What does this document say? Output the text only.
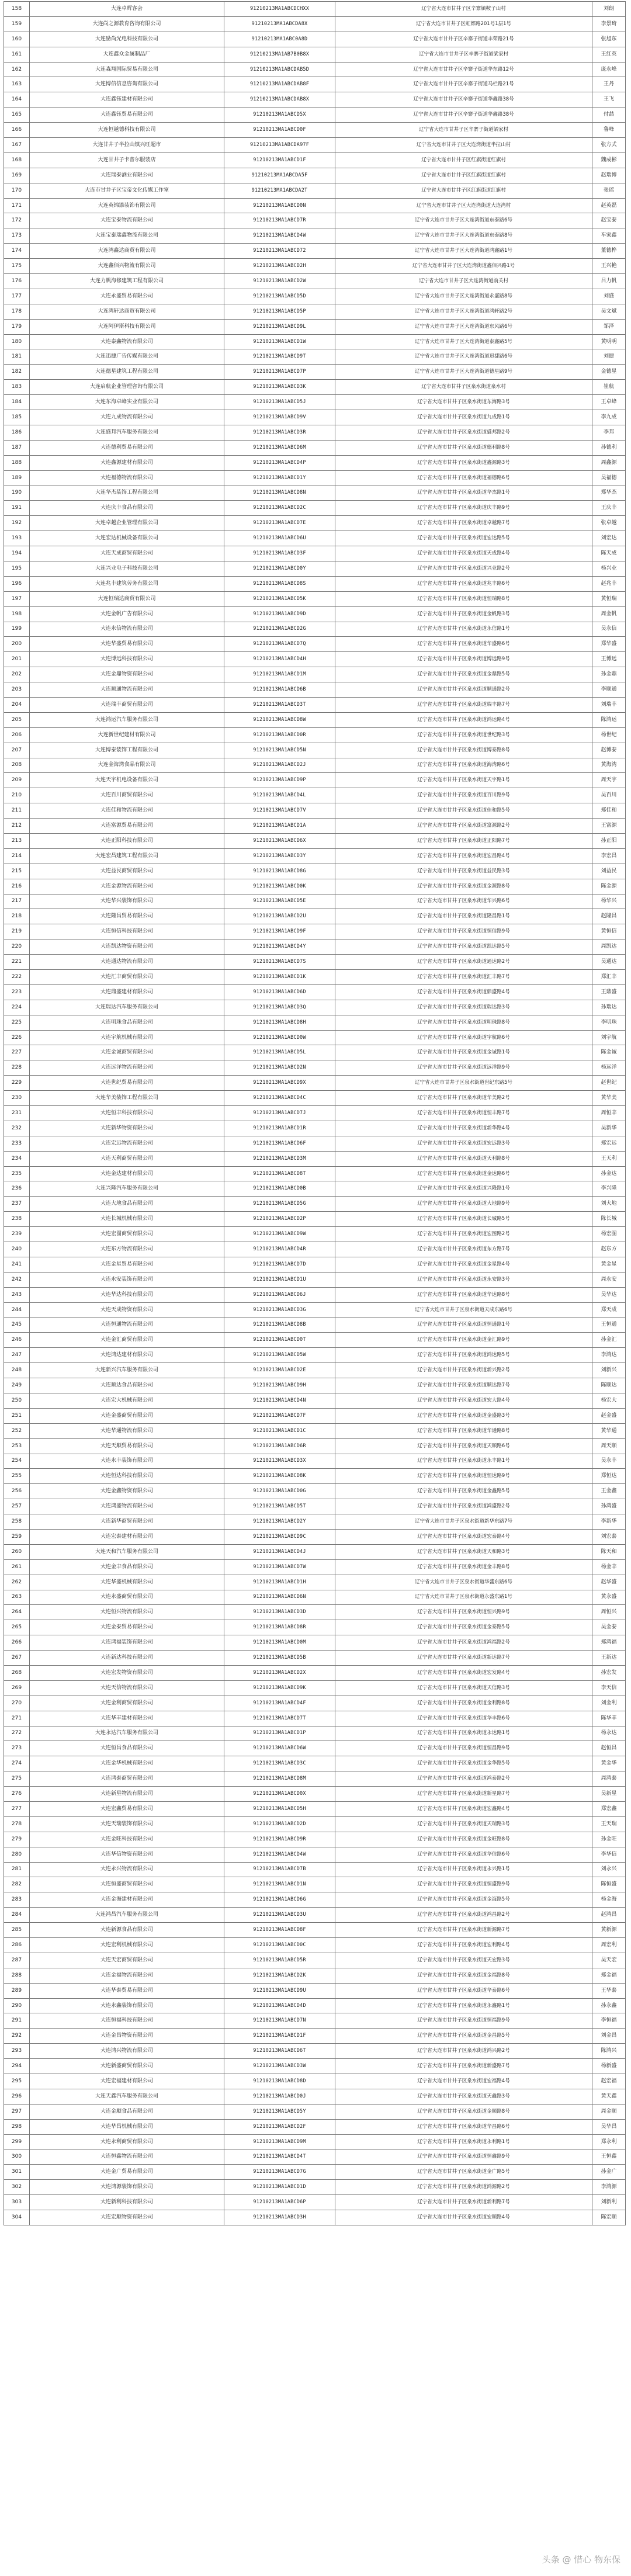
158	大连卓辉客会	91210213MA1ABCDCHXX	辽宁省大连市甘井子区辛寨镇鞍子山村	刘朗
159	大连尚之源教育咨询有限公司	91210213MA1ABCDA8X	辽宁省大连市甘井子区虹都路201号1层1号	李景琦
160	大连励尚光电科技有限公司	91210213MA1ABC0A8D	辽宁省大连市甘井子区辛寨子街道丰荣路21号	张旭东
161	大连鑫众金属制品厂	91210213MA1AB7B0B8X	辽宁省大连市甘井子区辛寨子街道梁家村	王红英
162	大连森翔国际贸易有限公司	91210213MA1ABCDAB5D	辽宁省大连市甘井子区辛寨子街道华东路12号	庞永峰
163	大连博信信息咨询有限公司	91210213MA1ABCDAB8F	辽宁省大连市甘井子区辛寨子街道马栏路21号	王丹
164	大连鑫钰建材有限公司	91210213MA1ABCDAB8X	辽宁省大连市甘井子区辛寨子街道华鑫路38号	王飞
165	大连鑫钰贸易有限公司	91210213MA1ABCD5X	辽宁省大连市甘井子区辛寨子街道华鑫路38号	付喆
166	大连恒越德科技有限公司	91210213MA1ABCD0F	辽宁省大连市甘井子区辛寨子街道梁家村	鲁峰
167	大连甘井子半拉山镇兴旺超市	91210213MA1ABCDA97F	辽宁省大连市甘井子区大连湾街道半拉山村	张方式
168	大连甘井子卡普尔服装店	91210213MA1ABCD1F	辽宁省大连市甘井子区红旗街道红旗村	魏成彬
169	大连瑞泰酒业有限公司	91210213MA1ABCDA5F	辽宁省大连市甘井子区红旗街道红旗村	赵瑞博
170	大连市甘井子区宝帝文化传媒工作室	91210213MA1ABCDA2T	辽宁省大连市甘井子区红旗街道红旗村	张瑶
171	大连英锦漆装饰有限公司	91210213MA1ABCD0N	辽宁省大连市甘井子区大连湾街道大连湾村	赵英磊
172	大连宝泰物流有限公司	91210213MA1ABCD7R	辽宁省大连市甘井子区大连湾街道东泰路6号	赵宝泰
173	大连宝泰瑞鑫物流有限公司	91210213MA1ABCD4W	辽宁省大连市甘井子区大连湾街道东泰路8号	车家鑫
174	大连鸿鑫达商贸有限公司	91210213MA1ABCD72	辽宁省大连市甘井子区大连湾街道鸿鑫路1号	董德桦
175	大连鑫佰兴物流有限公司	91210213MA1ABCD2H	辽宁省大连市甘井子区大连湾街道鑫佰兴路1号	王兴艳
176	大连力帆海修建筑工程有限公司	91210213MA1ABCD2W	辽宁省大连市甘井子区大连湾街道前关村	吕力帆
177	大连永盛贸易有限公司	91210213MA1ABCD5D	辽宁省大连市甘井子区大连湾街道永盛路8号	刘盛
178	大连鸿轩达商贸有限公司	91210213MA1ABCD5P	辽宁省大连市甘井子区大连湾街道鸿轩路2号	吴文斌
179	大连阿伊斯科技有限公司	91210213MA1ABCD9L	辽宁省大连市甘井子区大连湾街道东风路6号	邹泽
180	大连泰鑫物流有限公司	91210213MA1ABCD1W	辽宁省大连市甘井子区大连湾街道泰鑫路5号	黄明明
181	大连迅捷广告传媒有限公司	91210213MA1ABCD9T	辽宁省大连市甘井子区大连湾街道迅捷路6号	刘捷
182	大连德星建筑工程有限公司	91210213MA1ABCD7P	辽宁省大连市甘井子区大连湾街道德星路9号	金德星
183	大连启航企业管理咨询有限公司	91210213MA1ABCD3K	辽宁省大连市甘井子区泉水街道泉水村	崔航
184	大连东海卓峰实业有限公司	91210213MA1ABCD5J	辽宁省大连市甘井子区泉水街道东海路3号	王卓峰
185	大连九成物流有限公司	91210213MA1ABCD9V	辽宁省大连市甘井子区泉水街道九成路1号	李九成
186	大连盛邦汽车服务有限公司	91210213MA1ABCD3R	辽宁省大连市甘井子区泉水街道盛邦路2号	李邦
187	大连德利贸易有限公司	91210213MA1ABCD6M	辽宁省大连市甘井子区泉水街道德利路8号	孙德利
188	大连鑫源建材有限公司	91210213MA1ABCD4P	辽宁省大连市甘井子区泉水街道鑫源路3号	周鑫源
189	大连福德物流有限公司	91210213MA1ABCD1Y	辽宁省大连市甘井子区泉水街道福德路6号	吴福德
190	大连华杰装饰工程有限公司	91210213MA1ABCD8N	辽宁省大连市甘井子区泉水街道华杰路1号	郑华杰
191	大连庆丰食品有限公司	91210213MA1ABCD2C	辽宁省大连市甘井子区泉水街道庆丰路9号	王庆丰
192	大连卓越企业管理有限公司	91210213MA1ABCD7E	辽宁省大连市甘井子区泉水街道卓越路7号	张卓越
193	大连宏达机械设备有限公司	91210213MA1ABCD6U	辽宁省大连市甘井子区泉水街道宏达路5号	刘宏达
194	大连天成商贸有限公司	91210213MA1ABCD3F	辽宁省大连市甘井子区泉水街道天成路4号	陈天成
195	大连兴业电子科技有限公司	91210213MA1ABCD0Y	辽宁省大连市甘井子区泉水街道兴业路2号	杨兴业
196	大连兆丰建筑劳务有限公司	91210213MA1ABCD8S	辽宁省大连市甘井子区泉水街道兆丰路6号	赵兆丰
197	大连恒瑞达商贸有限公司	91210213MA1ABCD5K	辽宁省大连市甘井子区泉水街道恒瑞路8号	黄恒瑞
198	大连金帆广告有限公司	91210213MA1ABCD9D	辽宁省大连市甘井子区泉水街道金帆路3号	周金帆
199	大连永信物流有限公司	91210213MA1ABCD2G	辽宁省大连市甘井子区泉水街道永信路1号	吴永信
200	大连华盛贸易有限公司	91210213MA1ABCD7Q	辽宁省大连市甘井子区泉水街道华盛路6号	郑华盛
201	大连博远科技有限公司	91210213MA1ABCD4H	辽宁省大连市甘井子区泉水街道博远路9号	王博远
202	大连金鼎物资有限公司	91210213MA1ABCD1M	辽宁省大连市甘井子区泉水街道金鼎路5号	孙金鼎
203	大连顺通物流有限公司	91210213MA1ABCD6B	辽宁省大连市甘井子区泉水街道顺通路2号	李顺通
204	大连瑞丰商贸有限公司	91210213MA1ABCD3T	辽宁省大连市甘井子区泉水街道瑞丰路7号	刘瑞丰
205	大连鸿运汽车服务有限公司	91210213MA1ABCD8W	辽宁省大连市甘井子区泉水街道鸿运路4号	陈鸿运
206	大连新世纪建材有限公司	91210213MA1ABCD0R	辽宁省大连市甘井子区泉水街道世纪路3号	杨世纪
207	大连博泰装饰工程有限公司	91210213MA1ABCD5N	辽宁省大连市甘井子区泉水街道博泰路8号	赵博泰
208	大连金海湾食品有限公司	91210213MA1ABCD2J	辽宁省大连市甘井子区泉水街道海湾路6号	黄海湾
209	大连天宇机电设备有限公司	91210213MA1ABCD9P	辽宁省大连市甘井子区泉水街道天宇路1号	周天宇
210	大连百川商贸有限公司	91210213MA1ABCD4L	辽宁省大连市甘井子区泉水街道百川路9号	吴百川
211	大连佳和物流有限公司	91210213MA1ABCD7V	辽宁省大连市甘井子区泉水街道佳和路5号	郑佳和
212	大连富源贸易有限公司	91210213MA1ABCD1A	辽宁省大连市甘井子区泉水街道富源路2号	王富源
213	大连正阳科技有限公司	91210213MA1ABCD6X	辽宁省大连市甘井子区泉水街道正阳路7号	孙正阳
214	大连宏昌建筑工程有限公司	91210213MA1ABCD3Y	辽宁省大连市甘井子区泉水街道宏昌路4号	李宏昌
215	大连益民商贸有限公司	91210213MA1ABCD8G	辽宁省大连市甘井子区泉水街道益民路3号	刘益民
216	大连金源物流有限公司	91210213MA1ABCD0K	辽宁省大连市甘井子区泉水街道金源路8号	陈金源
217	大连华兴装饰有限公司	91210213MA1ABCD5E	辽宁省大连市甘井子区泉水街道华兴路6号	杨华兴
218	大连隆昌贸易有限公司	91210213MA1ABCD2U	辽宁省大连市甘井子区泉水街道隆昌路1号	赵隆昌
219	大连恒信科技有限公司	91210213MA1ABCD9F	辽宁省大连市甘井子区泉水街道恒信路9号	黄恒信
220	大连凯达物资有限公司	91210213MA1ABCD4Y	辽宁省大连市甘井子区泉水街道凯达路5号	周凯达
221	大连通达物流有限公司	91210213MA1ABCD7S	辽宁省大连市甘井子区泉水街道通达路2号	吴通达
222	大连汇丰商贸有限公司	91210213MA1ABCD1K	辽宁省大连市甘井子区泉水街道汇丰路7号	郑汇丰
223	大连鼎盛建材有限公司	91210213MA1ABCD6D	辽宁省大连市甘井子区泉水街道鼎盛路4号	王鼎盛
224	大连瑞达汽车服务有限公司	91210213MA1ABCD3Q	辽宁省大连市甘井子区泉水街道瑞达路3号	孙瑞达
225	大连明珠食品有限公司	91210213MA1ABCD8H	辽宁省大连市甘井子区泉水街道明珠路8号	李明珠
226	大连宇航机械有限公司	91210213MA1ABCD0W	辽宁省大连市甘井子区泉水街道宇航路6号	刘宇航
227	大连金诚商贸有限公司	91210213MA1ABCD5L	辽宁省大连市甘井子区泉水街道金诚路1号	陈金诚
228	大连远洋物流有限公司	91210213MA1ABCD2N	辽宁省大连市甘井子区泉水街道远洋路9号	杨远洋
229	大连世纪贸易有限公司	91210213MA1ABCD9X	辽宁省大连市甘井子区泉水街道世纪东路5号	赵世纪
230	大连华美装饰工程有限公司	91210213MA1ABCD4C	辽宁省大连市甘井子区泉水街道华美路2号	黄华美
231	大连恒丰科技有限公司	91210213MA1ABCD7J	辽宁省大连市甘井子区泉水街道恒丰路7号	周恒丰
232	大连新华物资有限公司	91210213MA1ABCD1R	辽宁省大连市甘井子区泉水街道新华路4号	吴新华
233	大连宏远物流有限公司	91210213MA1ABCD6F	辽宁省大连市甘井子区泉水街道宏远路3号	郑宏远
234	大连天利商贸有限公司	91210213MA1ABCD3M	辽宁省大连市甘井子区泉水街道天利路8号	王天利
235	大连金达建材有限公司	91210213MA1ABCD8T	辽宁省大连市甘井子区泉水街道金达路6号	孙金达
236	大连兴隆汽车服务有限公司	91210213MA1ABCD0B	辽宁省大连市甘井子区泉水街道兴隆路1号	李兴隆
237	大连大地食品有限公司	91210213MA1ABCD5G	辽宁省大连市甘井子区泉水街道大地路9号	刘大地
238	大连长城机械有限公司	91210213MA1ABCD2P	辽宁省大连市甘井子区泉水街道长城路5号	陈长城
239	大连宏图商贸有限公司	91210213MA1ABCD9W	辽宁省大连市甘井子区泉水街道宏图路2号	杨宏图
240	大连东方物流有限公司	91210213MA1ABCD4R	辽宁省大连市甘井子区泉水街道东方路7号	赵东方
241	大连金星贸易有限公司	91210213MA1ABCD7D	辽宁省大连市甘井子区泉水街道金星路4号	黄金星
242	大连永安装饰有限公司	91210213MA1ABCD1U	辽宁省大连市甘井子区泉水街道永安路3号	周永安
243	大连华达科技有限公司	91210213MA1ABCD6J	辽宁省大连市甘井子区泉水街道华达路8号	吴华达
244	大连天成物资有限公司	91210213MA1ABCD3G	辽宁省大连市甘井子区泉水街道天成东路6号	郑天成
245	大连恒通物流有限公司	91210213MA1ABCD8B	辽宁省大连市甘井子区泉水街道恒通路1号	王恒通
246	大连金汇商贸有限公司	91210213MA1ABCD0T	辽宁省大连市甘井子区泉水街道金汇路9号	孙金汇
247	大连鸿达建材有限公司	91210213MA1ABCD5W	辽宁省大连市甘井子区泉水街道鸿达路5号	李鸿达
248	大连新兴汽车服务有限公司	91210213MA1ABCD2E	辽宁省大连市甘井子区泉水街道新兴路2号	刘新兴
249	大连顺达食品有限公司	91210213MA1ABCD9H	辽宁省大连市甘井子区泉水街道顺达路7号	陈顺达
250	大连宏大机械有限公司	91210213MA1ABCD4N	辽宁省大连市甘井子区泉水街道宏大路4号	杨宏大
251	大连金盛商贸有限公司	91210213MA1ABCD7F	辽宁省大连市甘井子区泉水街道金盛路3号	赵金盛
252	大连华通物流有限公司	91210213MA1ABCD1C	辽宁省大连市甘井子区泉水街道华通路8号	黄华通
253	大连天顺贸易有限公司	91210213MA1ABCD6R	辽宁省大连市甘井子区泉水街道天顺路6号	周天顺
254	大连永丰装饰有限公司	91210213MA1ABCD3X	辽宁省大连市甘井子区泉水街道永丰路1号	吴永丰
255	大连恒达科技有限公司	91210213MA1ABCD8K	辽宁省大连市甘井子区泉水街道恒达路9号	郑恒达
256	大连金鑫物资有限公司	91210213MA1ABCD0G	辽宁省大连市甘井子区泉水街道金鑫路5号	王金鑫
257	大连鸿盛物流有限公司	91210213MA1ABCD5T	辽宁省大连市甘井子区泉水街道鸿盛路2号	孙鸿盛
258	大连新华商贸有限公司	91210213MA1ABCD2Y	辽宁省大连市甘井子区泉水街道新华东路7号	李新华
259	大连宏泰建材有限公司	91210213MA1ABCD9C	辽宁省大连市甘井子区泉水街道宏泰路4号	刘宏泰
260	大连天和汽车服务有限公司	91210213MA1ABCD4J	辽宁省大连市甘井子区泉水街道天和路3号	陈天和
261	大连金丰食品有限公司	91210213MA1ABCD7W	辽宁省大连市甘井子区泉水街道金丰路8号	杨金丰
262	大连华盛机械有限公司	91210213MA1ABCD1H	辽宁省大连市甘井子区泉水街道华盛东路6号	赵华盛
263	大连永盛商贸有限公司	91210213MA1ABCD6N	辽宁省大连市甘井子区泉水街道永盛东路1号	黄永盛
264	大连恒兴物流有限公司	91210213MA1ABCD3D	辽宁省大连市甘井子区泉水街道恒兴路9号	周恒兴
265	大连金泰贸易有限公司	91210213MA1ABCD8R	辽宁省大连市甘井子区泉水街道金泰路5号	吴金泰
266	大连鸿福装饰有限公司	91210213MA1ABCD0M	辽宁省大连市甘井子区泉水街道鸿福路2号	郑鸿福
267	大连新达科技有限公司	91210213MA1ABCD5B	辽宁省大连市甘井子区泉水街道新达路7号	王新达
268	大连宏发物资有限公司	91210213MA1ABCD2X	辽宁省大连市甘井子区泉水街道宏发路4号	孙宏发
269	大连天信物流有限公司	91210213MA1ABCD9K	辽宁省大连市甘井子区泉水街道天信路3号	李天信
270	大连金利商贸有限公司	91210213MA1ABCD4F	辽宁省大连市甘井子区泉水街道金利路8号	刘金利
271	大连华丰建材有限公司	91210213MA1ABCD7T	辽宁省大连市甘井子区泉水街道华丰路6号	陈华丰
272	大连永达汽车服务有限公司	91210213MA1ABCD1P	辽宁省大连市甘井子区泉水街道永达路1号	杨永达
273	大连恒昌食品有限公司	91210213MA1ABCD6W	辽宁省大连市甘井子区泉水街道恒昌路9号	赵恒昌
274	大连金华机械有限公司	91210213MA1ABCD3C	辽宁省大连市甘井子区泉水街道金华路5号	黄金华
275	大连鸿泰商贸有限公司	91210213MA1ABCD8M	辽宁省大连市甘井子区泉水街道鸿泰路2号	周鸿泰
276	大连新星物流有限公司	91210213MA1ABCD0X	辽宁省大连市甘井子区泉水街道新星路7号	吴新星
277	大连宏鑫贸易有限公司	91210213MA1ABCD5H	辽宁省大连市甘井子区泉水街道宏鑫路4号	郑宏鑫
278	大连天瑞装饰有限公司	91210213MA1ABCD2D	辽宁省大连市甘井子区泉水街道天瑞路3号	王天瑞
279	大连金旺科技有限公司	91210213MA1ABCD9R	辽宁省大连市甘井子区泉水街道金旺路8号	孙金旺
280	大连华信物资有限公司	91210213MA1ABCD4W	辽宁省大连市甘井子区泉水街道华信路6号	李华信
281	大连永兴物流有限公司	91210213MA1ABCD7B	辽宁省大连市甘井子区泉水街道永兴路1号	刘永兴
282	大连恒盛商贸有限公司	91210213MA1ABCD1N	辽宁省大连市甘井子区泉水街道恒盛路9号	陈恒盛
283	大连金海建材有限公司	91210213MA1ABCD6G	辽宁省大连市甘井子区泉水街道金海路5号	杨金海
284	大连鸿昌汽车服务有限公司	91210213MA1ABCD3U	辽宁省大连市甘井子区泉水街道鸿昌路2号	赵鸿昌
285	大连新源食品有限公司	91210213MA1ABCD8F	辽宁省大连市甘井子区泉水街道新源路7号	黄新源
286	大连宏利机械有限公司	91210213MA1ABCD0C	辽宁省大连市甘井子区泉水街道宏利路4号	周宏利
287	大连天宏商贸有限公司	91210213MA1ABCD5R	辽宁省大连市甘井子区泉水街道天宏路3号	吴天宏
288	大连金福物流有限公司	91210213MA1ABCD2K	辽宁省大连市甘井子区泉水街道金福路8号	郑金福
289	大连华泰贸易有限公司	91210213MA1ABCD9U	辽宁省大连市甘井子区泉水街道华泰路6号	王华泰
290	大连永鑫装饰有限公司	91210213MA1ABCD4D	辽宁省大连市甘井子区泉水街道永鑫路1号	孙永鑫
291	大连恒福科技有限公司	91210213MA1ABCD7N	辽宁省大连市甘井子区泉水街道恒福路9号	李恒福
292	大连金昌物资有限公司	91210213MA1ABCD1F	辽宁省大连市甘井子区泉水街道金昌路5号	刘金昌
293	大连鸿兴物流有限公司	91210213MA1ABCD6T	辽宁省大连市甘井子区泉水街道鸿兴路2号	陈鸿兴
294	大连新盛商贸有限公司	91210213MA1ABCD3W	辽宁省大连市甘井子区泉水街道新盛路7号	杨新盛
295	大连宏福建材有限公司	91210213MA1ABCD8D	辽宁省大连市甘井子区泉水街道宏福路4号	赵宏福
296	大连天鑫汽车服务有限公司	91210213MA1ABCD0J	辽宁省大连市甘井子区泉水街道天鑫路3号	黄天鑫
297	大连金顺食品有限公司	91210213MA1ABCD5Y	辽宁省大连市甘井子区泉水街道金顺路8号	周金顺
298	大连华昌机械有限公司	91210213MA1ABCD2F	辽宁省大连市甘井子区泉水街道华昌路6号	吴华昌
299	大连永利商贸有限公司	91210213MA1ABCD9M	辽宁省大连市甘井子区泉水街道永利路1号	郑永利
300	大连恒鑫物流有限公司	91210213MA1ABCD4T	辽宁省大连市甘井子区泉水街道恒鑫路9号	王恒鑫
301	大连金广贸易有限公司	91210213MA1ABCD7G	辽宁省大连市甘井子区泉水街道金广路5号	孙金广
302	大连鸿源装饰有限公司	91210213MA1ABCD1D	辽宁省大连市甘井子区泉水街道鸿源路2号	李鸿源
303	大连新利科技有限公司	91210213MA1ABCD6P	辽宁省大连市甘井子区泉水街道新利路7号	刘新利
304	大连宏顺物资有限公司	91210213MA1ABCD3H	辽宁省大连市甘井子区泉水街道宏顺路4号	陈宏顺
头条 @ 惜心 物东保
